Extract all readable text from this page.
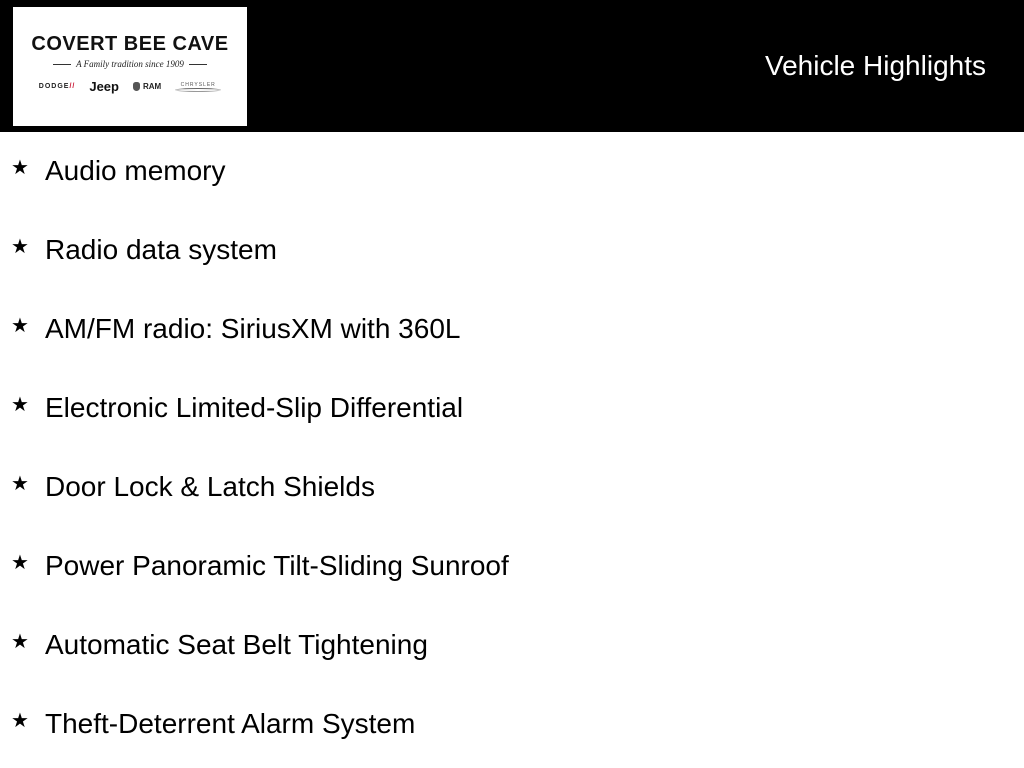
COVERT BEE CAVE
A Family tradition since 1909
DODGE// Jeep	RAM	CHRYSLER
Vehicle Highlights
★ Audio memory
★ Radio data system
★ AM/FM radio: SiriusXM with 360L
★ Electronic Limited-Slip Differential
★ Door Lock & Latch Shields
★ Power Panoramic Tilt-Sliding Sunroof
★ Automatic Seat Belt Tightening
★ Theft-Deterrent Alarm System
